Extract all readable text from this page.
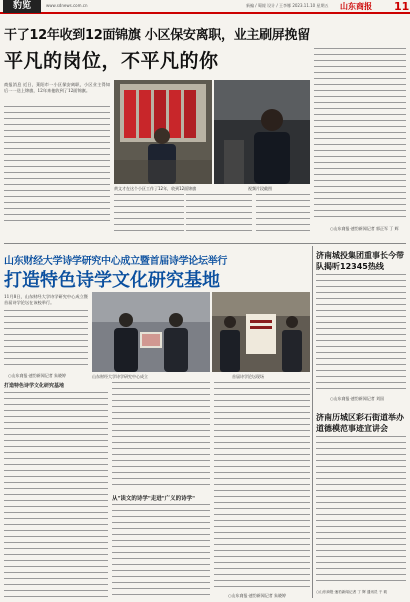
豹览	www.sdnews.com.cn	新編 / 蜀報 设计 / 王李娜 2023.11.10 星期五 山东商报 11
干了12年收到12面锦旗 小区保安离职，业主刷屏挽留
平凡的岗位，不平凡的你
商报消息 近日，莱阳市一小区保安离职，小区业主得知后一一送上锦旗，12年来他收到了12面锦旗。
黄文才在这个小区工作了12年，收到12面锦旗	视频片段截图
○山东商报·速豹新闻记者 郭正军 丁 辉
山东财经大学诗学研究中心成立暨首届诗学论坛举行
打造特色诗学文化研究基地
11月8日，山东财经大学诗学研究中心成立暨首届诗学论坛在该校举行。
○山东商报·速豹新闻记者 朱晓婷	山东财经大学诗学研究中心成立	首届诗学论坛现场
打造特色诗学文化研究基地
从"读文的诗学"走进"广义的诗学"
○山东商报·速豹新闻记者 朱晓婷
济南城投集团重事长今带队揭听12345热线
○山东商报·速豹新闻记者 刘国
济南历城区彩石街道举办道德模范事迹宣讲会
○山东商报·速豹新闻记者 丁 辉 通讯员 于 莉
